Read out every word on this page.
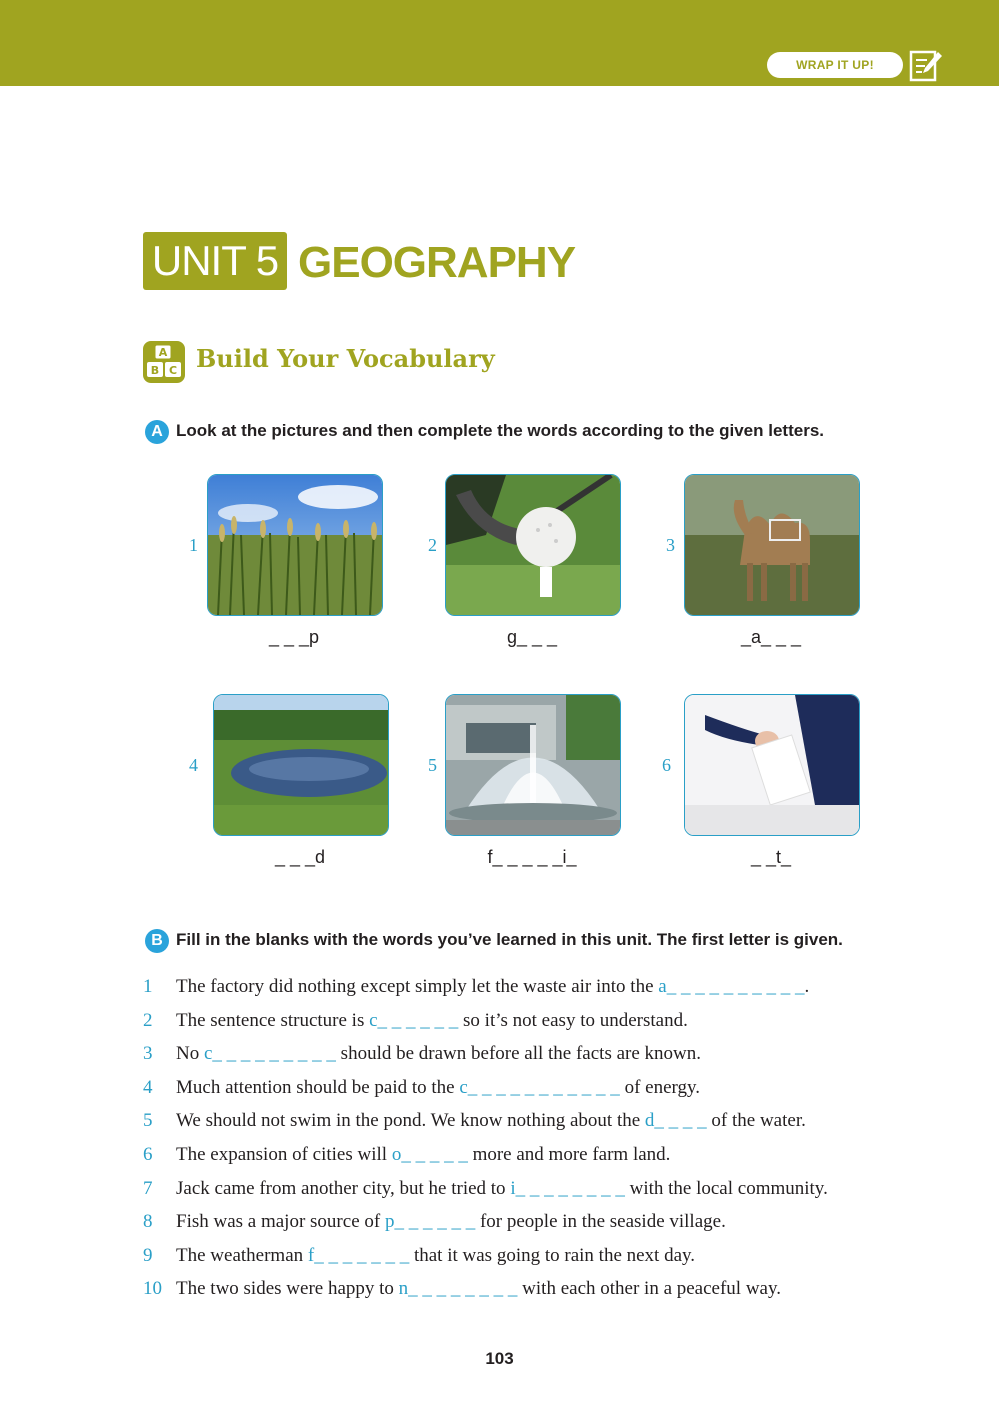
WRAP IT UP!
UNIT 5 GEOGRAPHY
A
B C Build Your Vocabulary
A Look at the pictures and then complete the words according to the given letters.
1
_ _ _p
2
g_ _ _
3
_a_ _ _
4
_ _ _d
5
f_ _ _ _ _i_
6
_ _t_
B Fill in the blanks with the words you’ve learned in this unit. The first letter is given.
1	The factory did nothing except simply let the waste air into the a_ _ _ _ _ _ _ _ _ _.
2	The sentence structure is c_ _ _ _ _ _ so it’s not easy to understand.
3	No c_ _ _ _ _ _ _ _ _ should be drawn before all the facts are known.
4	Much attention should be paid to the c_ _ _ _ _ _ _ _ _ _ _ of energy.
5	We should not swim in the pond. We know nothing about the d_ _ _ _ of the water.
6	The expansion of cities will o_ _ _ _ _ more and more farm land.
7	Jack came from another city, but he tried to i_ _ _ _ _ _ _ _ with the local community.
8	Fish was a major source of p_ _ _ _ _ _ for people in the seaside village.
9	The weatherman f_ _ _ _ _ _ _ that it was going to rain the next day.
10 The two sides were happy to n_ _ _ _ _ _ _ _ with each other in a peaceful way.
103
